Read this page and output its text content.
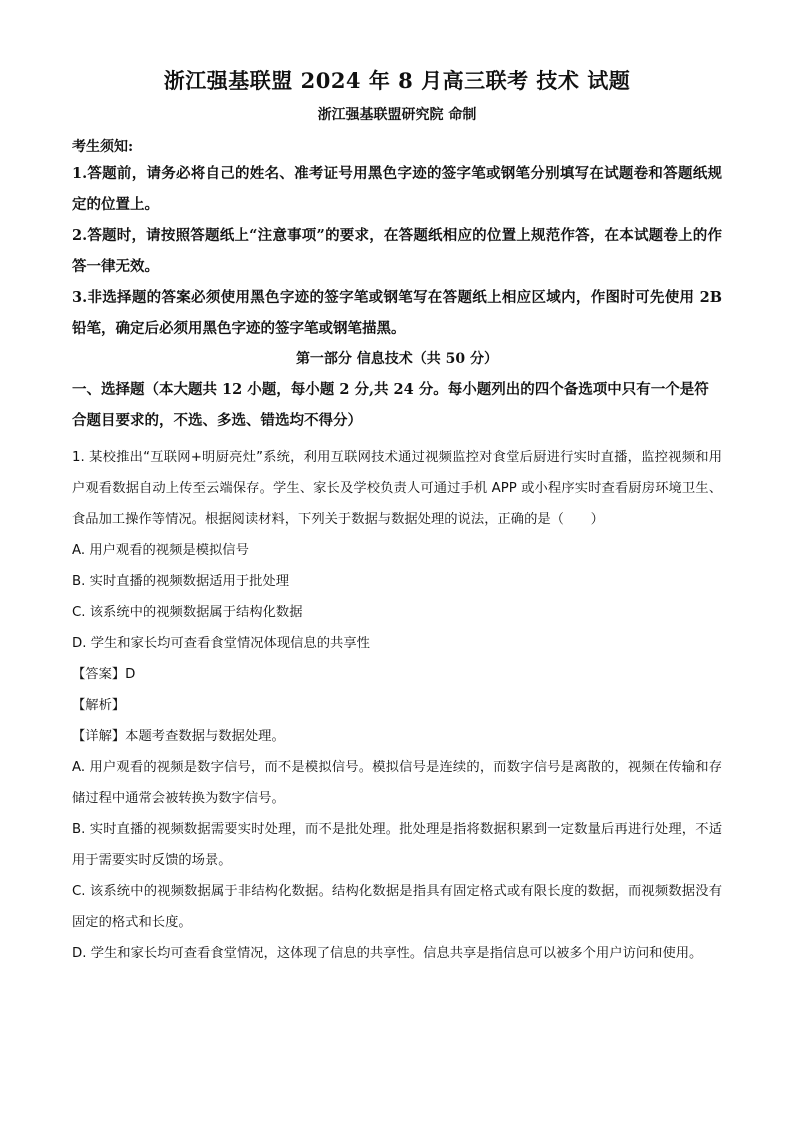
浙江强基联盟 2024 年 8 月高三联考 技术 试题
浙江强基联盟研究院 命制
考生须知:

1.答题前，请务必将自己的姓名、准考证号用黑色字迹的签字笔或钢笔分别填写在试题卷和答题纸规定的位置上。

2.答题时，请按照答题纸上“注意事项”的要求，在答题纸相应的位置上规范作答，在本试题卷上的作答一律无效。

3.非选择题的答案必须使用黑色字迹的签字笔或钢笔写在答题纸上相应区域内，作图时可先使用 2B 铅笔，确定后必须用黑色字迹的签字笔或钢笔描黑。

第一部分 信息技术（共 50 分）

一、选择题（本大题共 12 小题，每小题 2 分,共 24 分。每小题列出的四个备选项中只有一个是符合题目要求的，不选、多选、错选均不得分）

1. 某校推出“互联网+明厨亮灶”系统，利用互联网技术通过视频监控对食堂后厨进行实时直播，监控视频和用户观看数据自动上传至云端保存。学生、家长及学校负责人可通过手机 APP 或小程序实时查看厨房环境卫生、食品加工操作等情况。根据阅读材料，下列关于数据与数据处理的说法，正确的是（　　）

A. 用户观看的视频是模拟信号

B. 实时直播的视频数据适用于批处理

C. 该系统中的视频数据属于结构化数据

D. 学生和家长均可查看食堂情况体现信息的共享性

【答案】D

【解析】

【详解】本题考查数据与数据处理。

A. 用户观看的视频是数字信号，而不是模拟信号。模拟信号是连续的，而数字信号是离散的，视频在传输和存储过程中通常会被转换为数字信号。

B. 实时直播的视频数据需要实时处理，而不是批处理。批处理是指将数据积累到一定数量后再进行处理，不适用于需要实时反馈的场景。

C. 该系统中的视频数据属于非结构化数据。结构化数据是指具有固定格式或有限长度的数据，而视频数据没有固定的格式和长度。

D. 学生和家长均可查看食堂情况，这体现了信息的共享性。信息共享是指信息可以被多个用户访问和使用。
